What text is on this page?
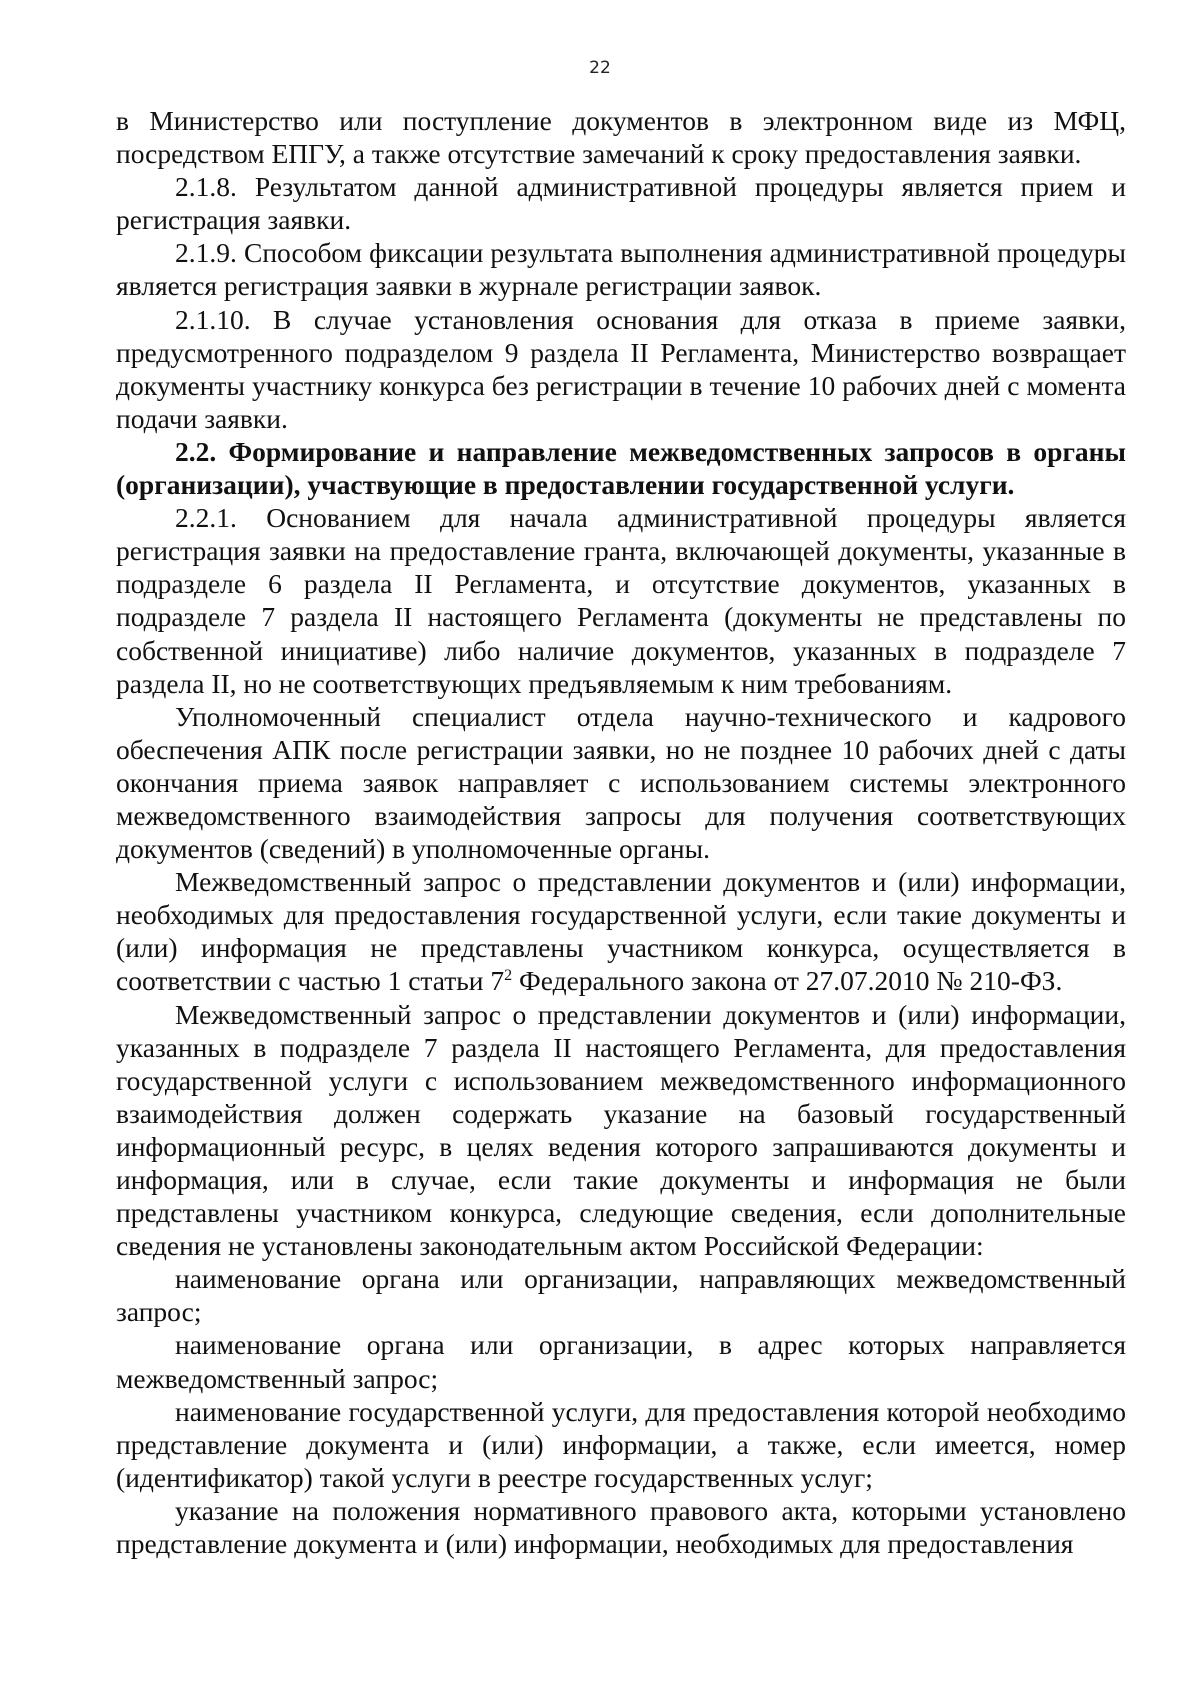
22

в Министерство или поступление документов в электронном виде из МФЦ, посредством ЕПГУ, а также отсутствие замечаний к сроку предоставления заявки.

2.1.8. Результатом данной административной процедуры является прием и регистрация заявки.

2.1.9. Способом фиксации результата выполнения административной процедуры является регистрация заявки в журнале регистрации заявок.

2.1.10. В случае установления основания для отказа в приеме заявки, предусмотренного подразделом 9 раздела II Регламента, Министерство возвращает документы участнику конкурса без регистрации в течение 10 рабочих дней с момента подачи заявки.

2.2. Формирование и направление межведомственных запросов в органы (организации), участвующие в предоставлении государственной услуги.

2.2.1. Основанием для начала административной процедуры является регистрация заявки на предоставление гранта, включающей документы, указанные в подразделе 6 раздела II Регламента, и отсутствие документов, указанных в подразделе 7 раздела II настоящего Регламента (документы не представлены по собственной инициативе) либо наличие документов, указанных в подразделе 7 раздела II, но не соответствующих предъявляемым к ним требованиям.

Уполномоченный специалист отдела научно-технического и кадрового обеспечения АПК после регистрации заявки, но не позднее 10 рабочих дней с даты окончания приема заявок направляет с использованием системы электронного межведомственного взаимодействия запросы для получения соответствующих документов (сведений) в уполномоченные органы.

Межведомственный запрос о представлении документов и (или) информации, необходимых для предоставления государственной услуги, если такие документы и (или) информация не представлены участником конкурса, осуществляется в соответствии с частью 1 статьи $7^2$ Федерального закона от 27.07.2010 № 210-ФЗ.

Межведомственный запрос о представлении документов и (или) информации, указанных в подразделе 7 раздела II настоящего Регламента, для предоставления государственной услуги с использованием межведомственного информационного взаимодействия должен содержать указание на базовый государственный информационный ресурс, в целях ведения которого запрашиваются документы и информация, или в случае, если такие документы и информация не были представлены участником конкурса, следующие сведения, если дополнительные сведения не установлены законодательным актом Российской Федерации:

наименование органа или организации, направляющих межведомственный запрос;

наименование органа или организации, в адрес которых направляется межведомственный запрос;

наименование государственной услуги, для предоставления которой необходимо представление документа и (или) информации, а также, если имеется, номер (идентификатор) такой услуги в реестре государственных услуг;

указание на положения нормативного правового акта, которыми установлено представление документа и (или) информации, необходимых для предоставления
